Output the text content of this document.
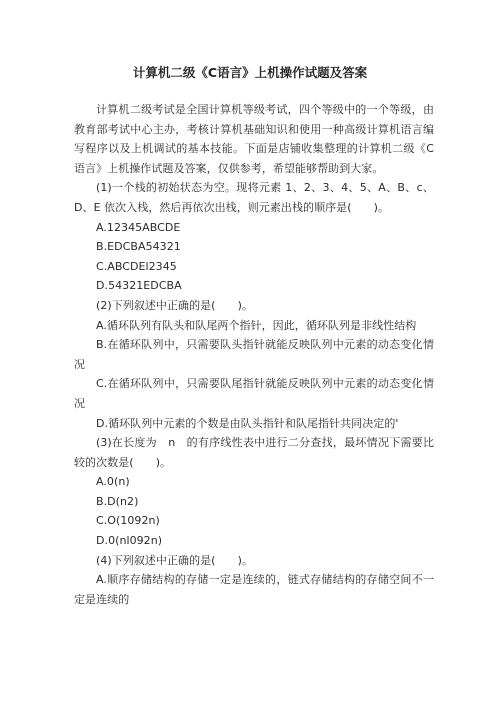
计算机二级《C语言》上机操作试题及答案

计算机二级考试是全国计算机等级考试，四个等级中的一个等级，由教育部考试中心主办，考核计算机基础知识和使用一种高级计算机语言编写程序以及上机调试的基本技能。下面是店铺收集整理的计算机二级《C 语言》上机操作试题及答案，仅供参考，希望能够帮助到大家。

(1)一个栈的初始状态为空。现将元素 1、2、3、4、5、A、B、c、D、E 依次入栈，然后再依次出栈，则元素出栈的顺序是(　　)。

A.12345ABCDE

B.EDCBA54321

C.ABCDEl2345

D.54321EDCBA

(2)下列叙述中正确的是(　　)。

A.循环队列有队头和队尾两个指针，因此，循环队列是非线性结构

B.在循环队列中，只需要队头指针就能反映队列中元素的动态变化情况

C.在循环队列中，只需要队尾指针就能反映队列中元素的动态变化情况

D.循环队列中元素的个数是由队头指针和队尾指针共同决定的'

(3)在长度为　n　的有序线性表中进行二分查找，最坏情况下需要比较的次数是(　　)。

A.0(n)

B.D(n2)

C.O(1092n)

D.0(nl092n)

(4)下列叙述中正确的是(　　)。

A.顺序存储结构的存储一定是连续的，链式存储结构的存储空间不一定是连续的
